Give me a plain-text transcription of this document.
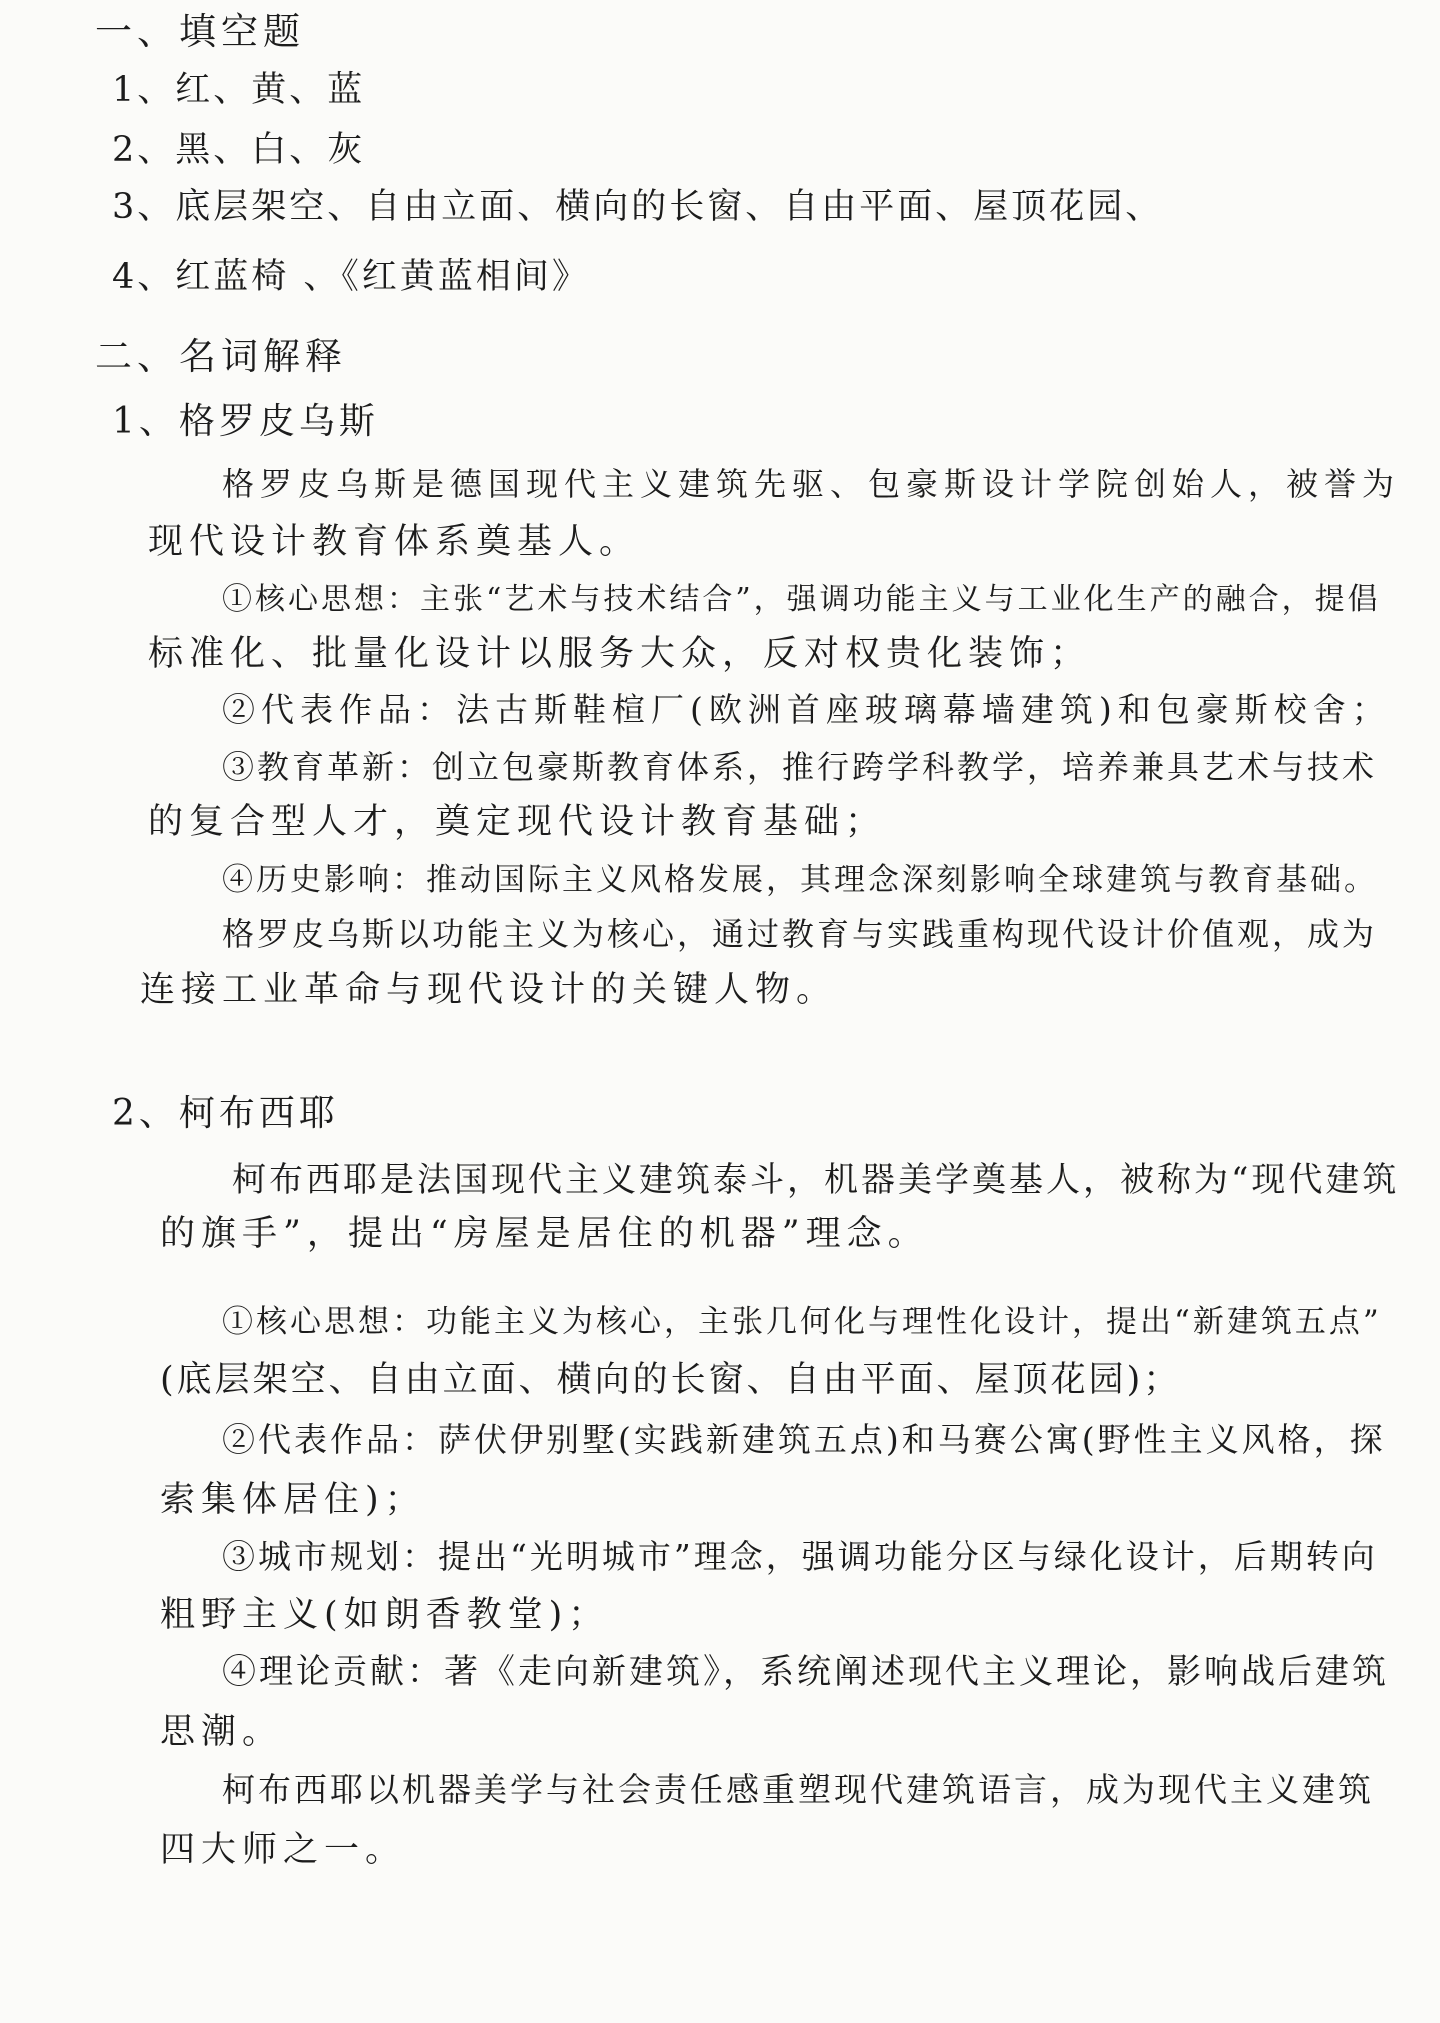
一、填空题
1、红、黄、蓝
2、黑、白、灰
3、底层架空、自由立面、横向的长窗、自由平面、屋顶花园、
4、红蓝椅 、《红黄蓝相间》
二、名词解释
1、格罗皮乌斯
格罗皮乌斯是德国现代主义建筑先驱、包豪斯设计学院创始人，被誉为
现代设计教育体系奠基人。
①核心思想：主张“艺术与技术结合”，强调功能主义与工业化生产的融合，提倡
标准化、批量化设计以服务大众，反对权贵化装饰；
②代表作品：法古斯鞋楦厂(欧洲首座玻璃幕墙建筑)和包豪斯校舍；
③教育革新：创立包豪斯教育体系，推行跨学科教学，培养兼具艺术与技术
的复合型人才，奠定现代设计教育基础；
④历史影响：推动国际主义风格发展，其理念深刻影响全球建筑与教育基础。
格罗皮乌斯以功能主义为核心，通过教育与实践重构现代设计价值观，成为
连接工业革命与现代设计的关键人物。
2、柯布西耶
柯布西耶是法国现代主义建筑泰斗，机器美学奠基人，被称为“现代建筑
的旗手”，提出“房屋是居住的机器”理念。
①核心思想：功能主义为核心，主张几何化与理性化设计，提出“新建筑五点”
(底层架空、自由立面、横向的长窗、自由平面、屋顶花园)；
②代表作品：萨伏伊别墅(实践新建筑五点)和马赛公寓(野性主义风格，探
索集体居住)；
③城市规划：提出“光明城市”理念，强调功能分区与绿化设计，后期转向
粗野主义(如朗香教堂)；
④理论贡献：著《走向新建筑》，系统阐述现代主义理论，影响战后建筑
思潮。
柯布西耶以机器美学与社会责任感重塑现代建筑语言，成为现代主义建筑
四大师之一。
